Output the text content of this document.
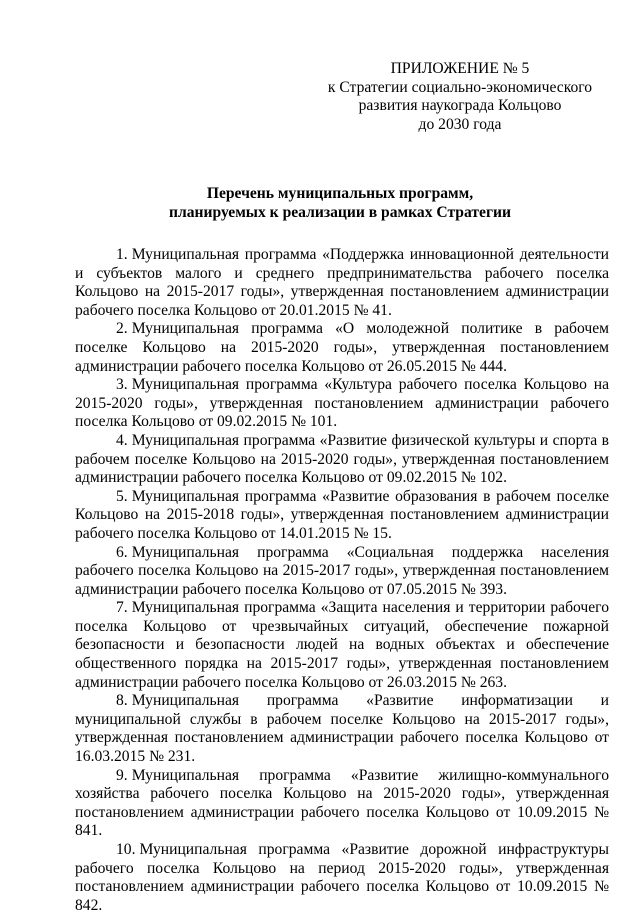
ПРИЛОЖЕНИЕ № 5
к Стратегии социально-экономического
развития наукограда Кольцово
до 2030 года
Перечень муниципальных программ,
планируемых к реализации в рамках Стратегии

1. Муниципальная программа «Поддержка инновационной деятельности и субъектов малого и среднего предпринимательства рабочего поселка Кольцово на 2015-2017 годы», утвержденная постановлением администрации рабочего поселка Кольцово от 20.01.2015 № 41.

2. Муниципальная программа «О молодежной политике в рабочем поселке Кольцово на 2015-2020 годы», утвержденная постановлением администрации рабочего поселка Кольцово от 26.05.2015 № 444.

3. Муниципальная программа «Культура рабочего поселка Кольцово на 2015-2020 годы», утвержденная постановлением администрации рабочего поселка Кольцово от 09.02.2015 № 101.

4. Муниципальная программа «Развитие физической культуры и спорта в рабочем поселке Кольцово на 2015-2020 годы», утвержденная постановлением администрации рабочего поселка Кольцово от 09.02.2015 № 102.

5. Муниципальная программа «Развитие образования в рабочем поселке Кольцово на 2015-2018 годы», утвержденная постановлением администрации рабочего поселка Кольцово от 14.01.2015 № 15.

6. Муниципальная программа «Социальная поддержка населения рабочего поселка Кольцово на 2015-2017 годы», утвержденная постановлением администрации рабочего поселка Кольцово от 07.05.2015 № 393.

7. Муниципальная программа «Защита населения и территории рабочего поселка Кольцово от чрезвычайных ситуаций, обеспечение пожарной безопасности и безопасности людей на водных объектах и обеспечение общественного порядка на 2015-2017 годы», утвержденная постановлением администрации рабочего поселка Кольцово от 26.03.2015 № 263.

8. Муниципальная программа «Развитие информатизации и муниципальной службы в рабочем поселке Кольцово на 2015-2017 годы», утвержденная постановлением администрации рабочего поселка Кольцово от 16.03.2015 № 231.

9. Муниципальная программа «Развитие жилищно-коммунального хозяйства рабочего поселка Кольцово на 2015-2020 годы», утвержденная постановлением администрации рабочего поселка Кольцово от 10.09.2015 № 841.

10. Муниципальная программа «Развитие дорожной инфраструктуры рабочего поселка Кольцово на период 2015-2020 годы», утвержденная постановлением администрации рабочего поселка Кольцово от 10.09.2015 № 842.
